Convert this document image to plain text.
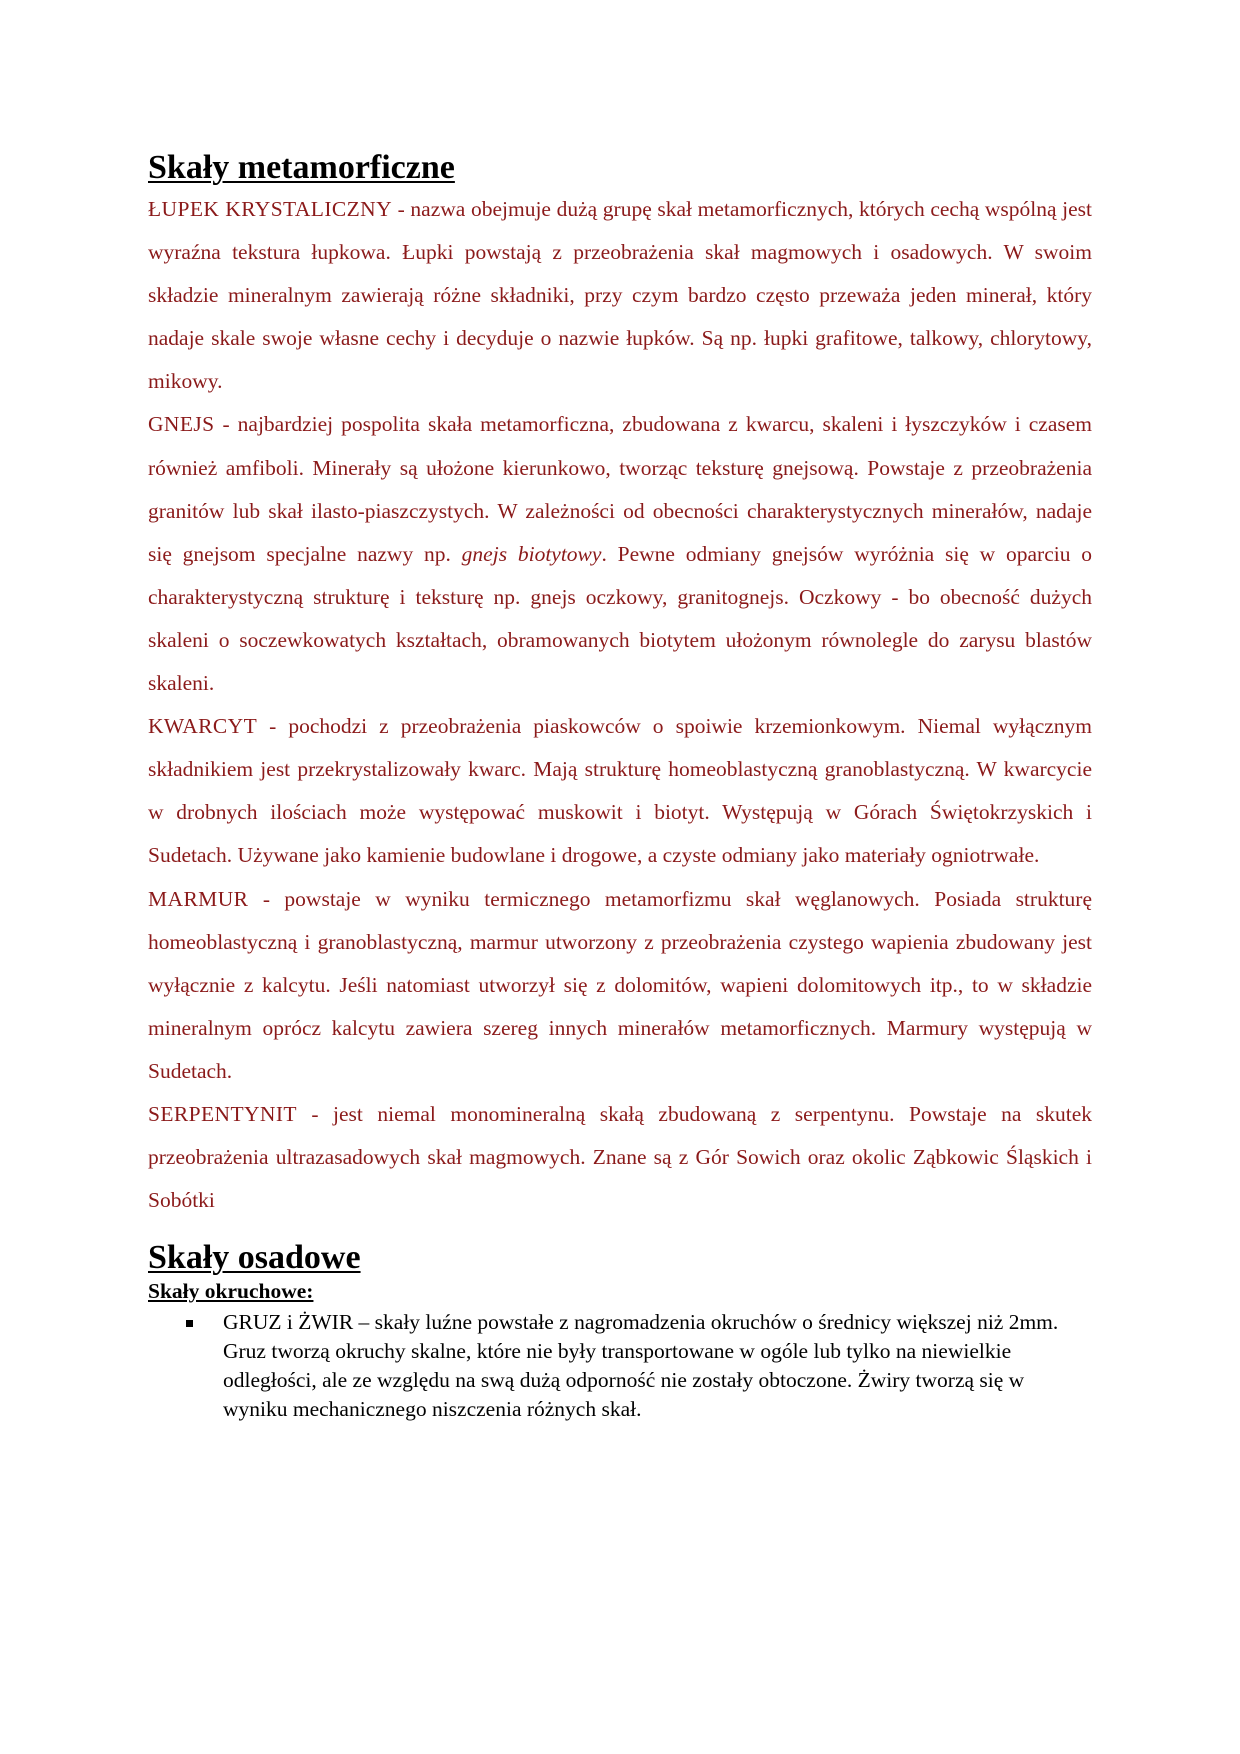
Skały metamorficzne

ŁUPEK KRYSTALICZNY - nazwa obejmuje dużą grupę skał metamorficznych, których cechą wspólną jest wyraźna tekstura łupkowa. Łupki powstają z przeobrażenia skał magmowych i osadowych. W swoim składzie mineralnym zawierają różne składniki, przy czym bardzo często przeważa jeden minerał, który nadaje skale swoje własne cechy i decyduje o nazwie łupków. Są np. łupki grafitowe, talkowy, chlorytowy, mikowy.

GNEJS - najbardziej pospolita skała metamorficzna, zbudowana z kwarcu, skaleni i łyszczyków i czasem również amfiboli. Minerały są ułożone kierunkowo, tworząc teksturę gnejsową. Powstaje z przeobrażenia granitów lub skał ilasto-piaszczystych. W zależności od obecności charakterystycznych minerałów, nadaje się gnejsom specjalne nazwy np. gnejs biotytowy. Pewne odmiany gnejsów wyróżnia się w oparciu o charakterystyczną strukturę i teksturę np. gnejs oczkowy, granitognejs. Oczkowy - bo obecność dużych skaleni o soczewkowatych kształtach, obramowanych biotytem ułożonym równolegle do zarysu blastów skaleni.

KWARCYT - pochodzi z przeobrażenia piaskowców o spoiwie krzemionkowym. Niemal wyłącznym składnikiem jest przekrystalizowały kwarc. Mają strukturę homeoblastyczną granoblastyczną. W kwarcycie w drobnych ilościach może występować muskowit i biotyt. Występują w Górach Świętokrzyskich i Sudetach. Używane jako kamienie budowlane i drogowe, a czyste odmiany jako materiały ogniotrwałe.

MARMUR - powstaje w wyniku termicznego metamorfizmu skał węglanowych. Posiada strukturę homeoblastyczną i granoblastyczną, marmur utworzony z przeobrażenia czystego wapienia zbudowany jest wyłącznie z kalcytu. Jeśli natomiast utworzył się z dolomitów, wapieni dolomitowych itp., to w składzie mineralnym oprócz kalcytu zawiera szereg innych minerałów metamorficznych. Marmury występują w Sudetach.

SERPENTYNIT - jest niemal monomineralną skałą zbudowaną z serpentynu. Powstaje na skutek przeobrażenia ultrazasadowych skał magmowych. Znane są z Gór Sowich oraz okolic Ząbkowic Śląskich i Sobótki

Skały osadowe
Skały okruchowe:

GRUZ i ŻWIR – skały luźne powstałe z nagromadzenia okruchów o średnicy większej niż 2mm. Gruz tworzą okruchy skalne, które nie były transportowane w ogóle lub tylko na niewielkie odległości, ale ze względu na swą dużą odporność nie zostały obtoczone. Żwiry tworzą się w wyniku mechanicznego niszczenia różnych skał.
